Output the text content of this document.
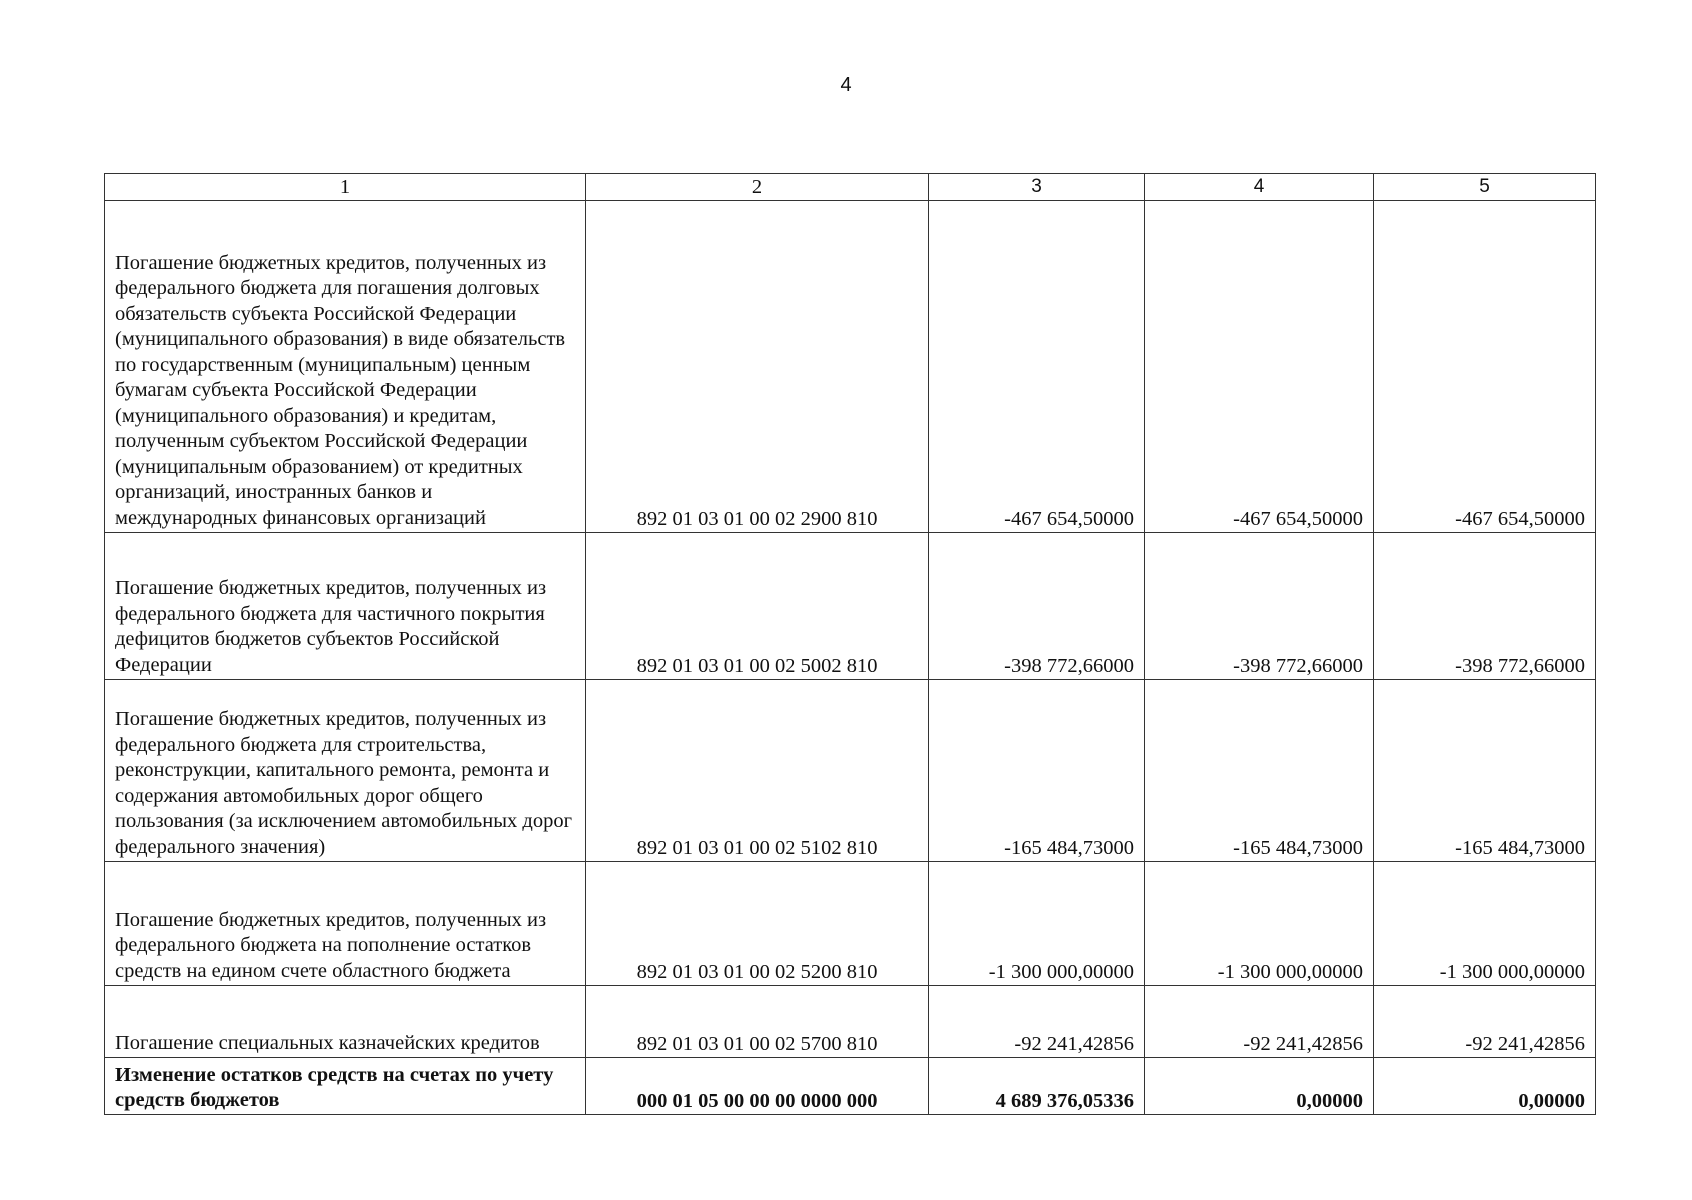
4
1	2	3	4	5
Погашение бюджетных кредитов, полученных из федерального бюджета для погашения долговых обязательств субъекта Российской Федерации (муниципального образования) в виде обязательств по государственным (муниципальным) ценным бумагам субъекта Российской Федерации (муниципального образования) и кредитам, полученным субъектом Российской Федерации (муниципальным образованием) от кредитных организаций, иностранных банков и международных финансовых организаций	892 01 03 01 00 02 2900 810	-467 654,50000	-467 654,50000	-467 654,50000
Погашение бюджетных кредитов, полученных из федерального бюджета для частичного покрытия дефицитов бюджетов субъектов Российской Федерации	892 01 03 01 00 02 5002 810	-398 772,66000	-398 772,66000	-398 772,66000
Погашение бюджетных кредитов, полученных из федерального бюджета для строительства, реконструкции, капитального ремонта, ремонта и содержания автомобильных дорог общего пользования (за исключением автомобильных дорог федерального значения)	892 01 03 01 00 02 5102 810	-165 484,73000	-165 484,73000	-165 484,73000
Погашение бюджетных кредитов, полученных из федерального бюджета на пополнение остатков средств на едином счете областного бюджета	892 01 03 01 00 02 5200 810	-1 300 000,00000	-1 300 000,00000	-1 300 000,00000
Погашение специальных казначейских кредитов	892 01 03 01 00 02 5700 810	-92 241,42856	-92 241,42856	-92 241,42856
Изменение остатков средств на счетах по учету средств бюджетов	000 01 05 00 00 00 0000 000	4 689 376,05336	0,00000	0,00000
